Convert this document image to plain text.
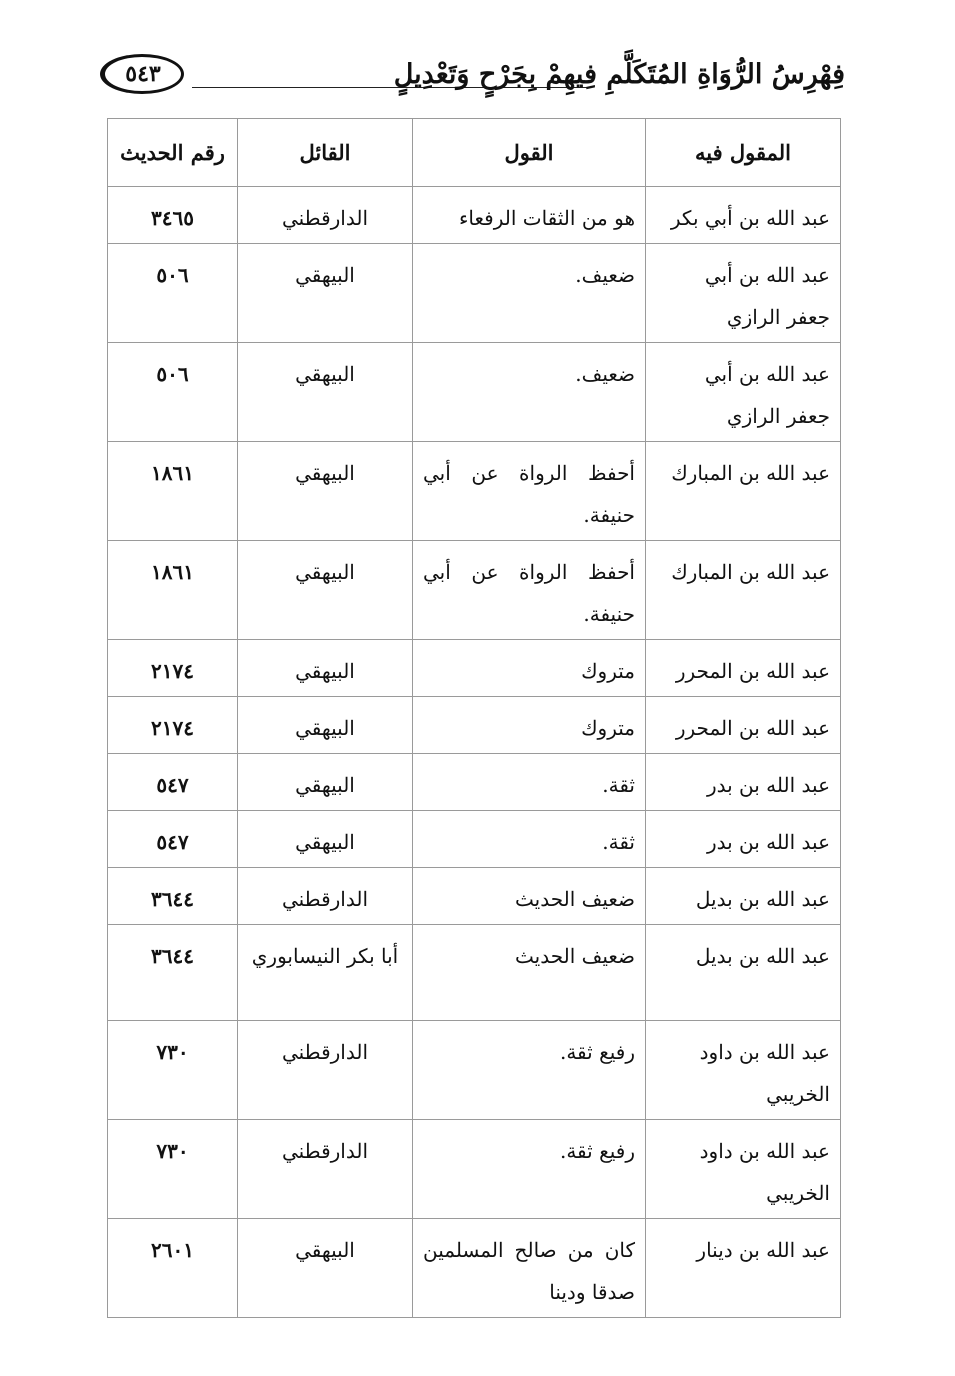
٥٤٣	فِهْرِسُ الرُّوَاةِ المُتَكَلَّمِ فِيهِمْ بِجَرْحٍ وَتَعْدِيلٍ
المقول فيه	القول	القائل	رقم الحديث
عبد الله بن أبي بكر	هو من الثقات الرفعاء	الدارقطني	٣٤٦٥
عبد الله بن أبي جعفر الرازي	ضعيف.	البيهقي	٥٠٦
عبد الله بن أبي جعفر الرازي	ضعيف.	البيهقي	٥٠٦
عبد الله بن المبارك	أحفظ الرواة عن أبي حنيفة.	البيهقي	١٨٦١
عبد الله بن المبارك	أحفظ الرواة عن أبي حنيفة.	البيهقي	١٨٦١
عبد الله بن المحرر	متروك	البيهقي	٢١٧٤
عبد الله بن المحرر	متروك	البيهقي	٢١٧٤
عبد الله بن بدر	ثقة.	البيهقي	٥٤٧
عبد الله بن بدر	ثقة.	البيهقي	٥٤٧
عبد الله بن بديل	ضعيف الحديث	الدارقطني	٣٦٤٤
عبد الله بن بديل	ضعيف الحديث	أبا بكر النيسابوري	٣٦٤٤
عبد الله بن داود الخريبي	رفيع ثقة.	الدارقطني	٧٣٠
عبد الله بن داود الخريبي	رفيع ثقة.	الدارقطني	٧٣٠
عبد الله بن دينار	كان من صالح المسلمين صدقا ودينا	البيهقي	٢٦٠١
